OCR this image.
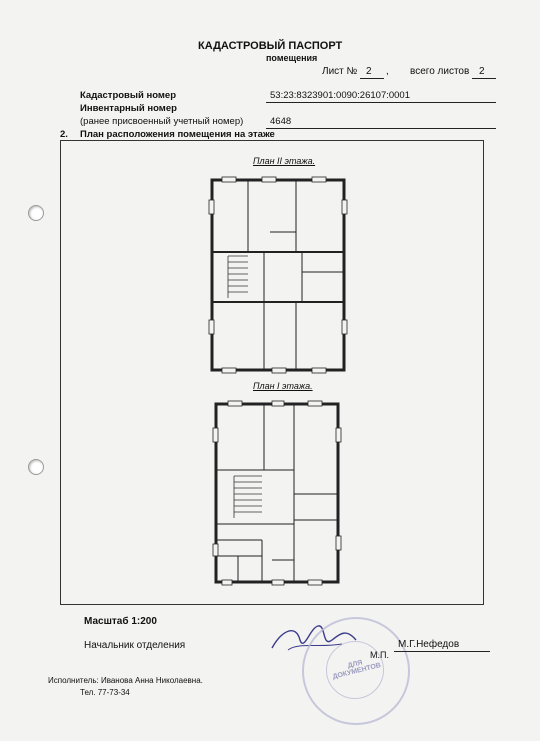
КАДАСТРОВЫЙ ПАСПОРТ
помещения
Лист № 2 , всего листов 2
Кадастровый номер	53:23:8323901:0090:26107:0001
Инвентарный номер
(ранее присвоенный учетный номер)	4648
2. План расположения помещения на этаже
План II этажа.
План I этажа.
Масштаб 1:200
Начальник отделения
ДЛЯ ДОКУМЕНТОВ
М.П.
М.Г.Нефедов
Исполнитель: Иванова Анна Николаевна.
Тел. 77-73-34
